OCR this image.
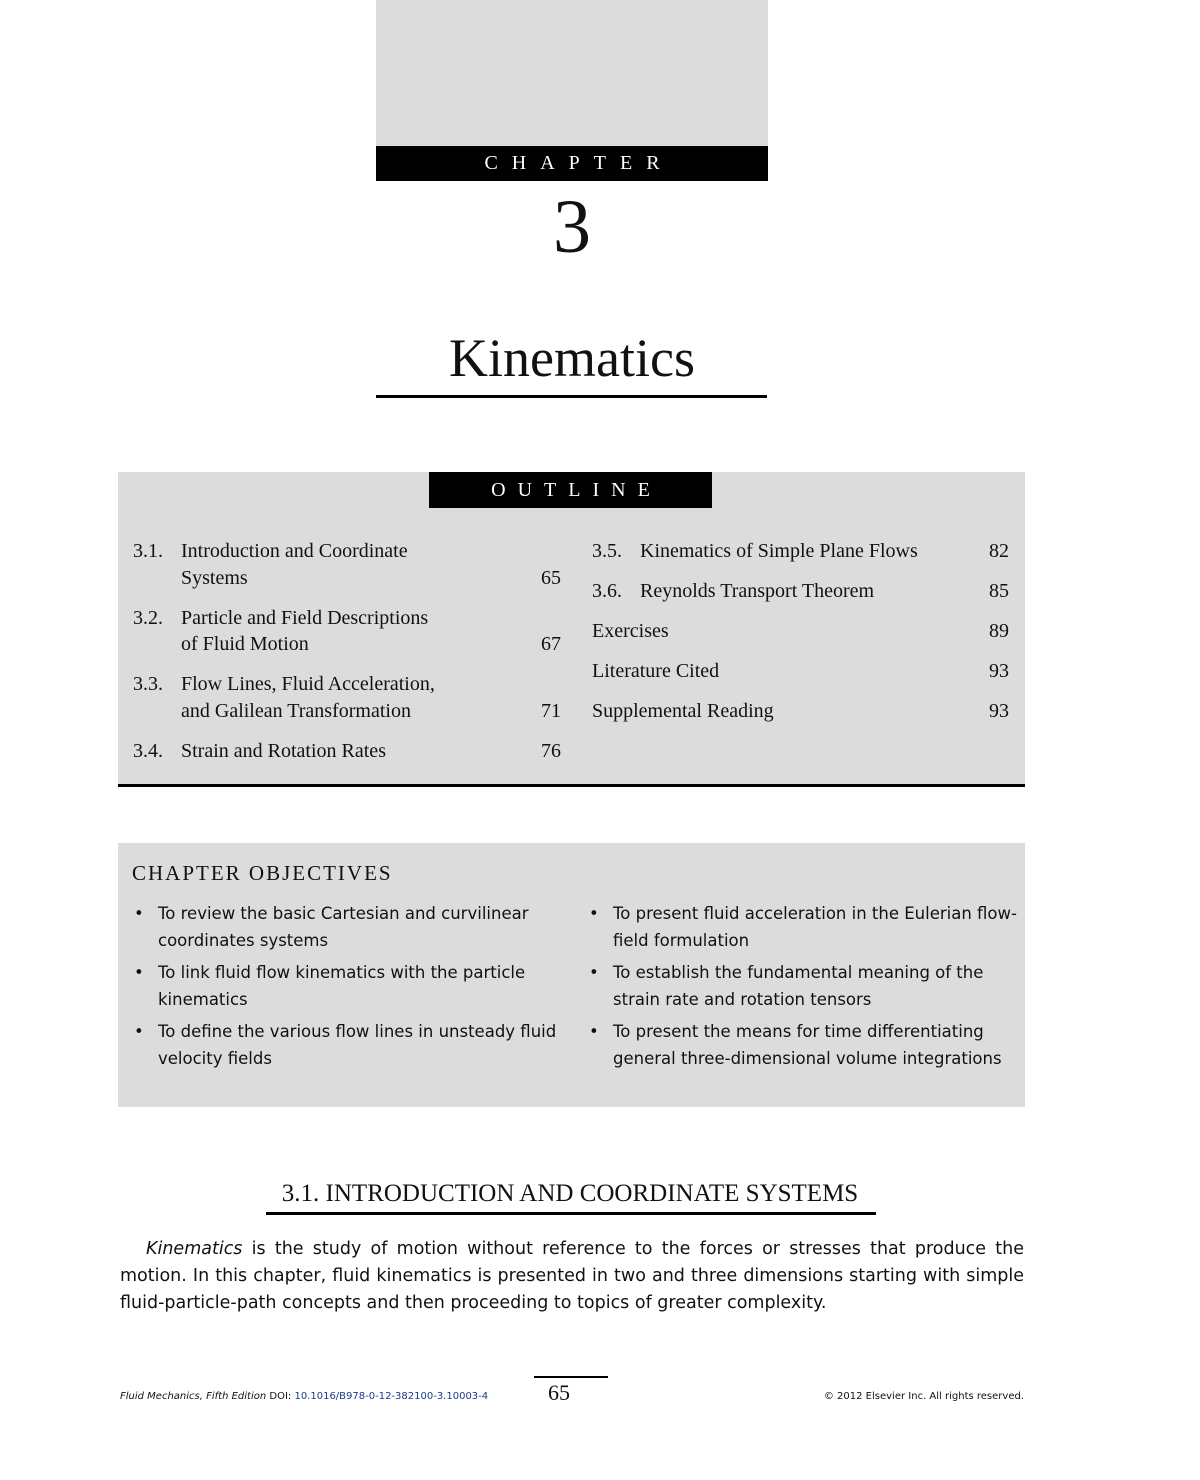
CHAPTER
3
Kinematics
OUTLINE
3.1. Introduction and Coordinate
Systems	65
3.2. Particle and Field Descriptions
of Fluid Motion	67
3.3. Flow Lines, Fluid Acceleration,
and Galilean Transformation	71
3.4. Strain and Rotation Rates	76
3.5. Kinematics of Simple Plane Flows	82
3.6. Reynolds Transport Theorem	85
Exercises	89
Literature Cited	93
Supplemental Reading	93
CHAPTER OBJECTIVES
• To review the basic Cartesian and curvilinear coordinates systems
• To link fluid flow kinematics with the particle kinematics
• To define the various flow lines in unsteady fluid velocity fields
• To present fluid acceleration in the Eulerian flow-field formulation
• To establish the fundamental meaning of the strain rate and rotation tensors
• To present the means for time differentiating general three-dimensional volume integrations
3.1. INTRODUCTION AND COORDINATE SYSTEMS
Kinematics is the study of motion without reference to the forces or stresses that produce the motion. In this chapter, fluid kinematics is presented in two and three dimensions starting with simple fluid-particle-path concepts and then proceeding to topics of greater complexity.
Fluid Mechanics, Fifth Edition DOI: 10.1016/B978-0-12-382100-3.10003-4	65	© 2012 Elsevier Inc. All rights reserved.
